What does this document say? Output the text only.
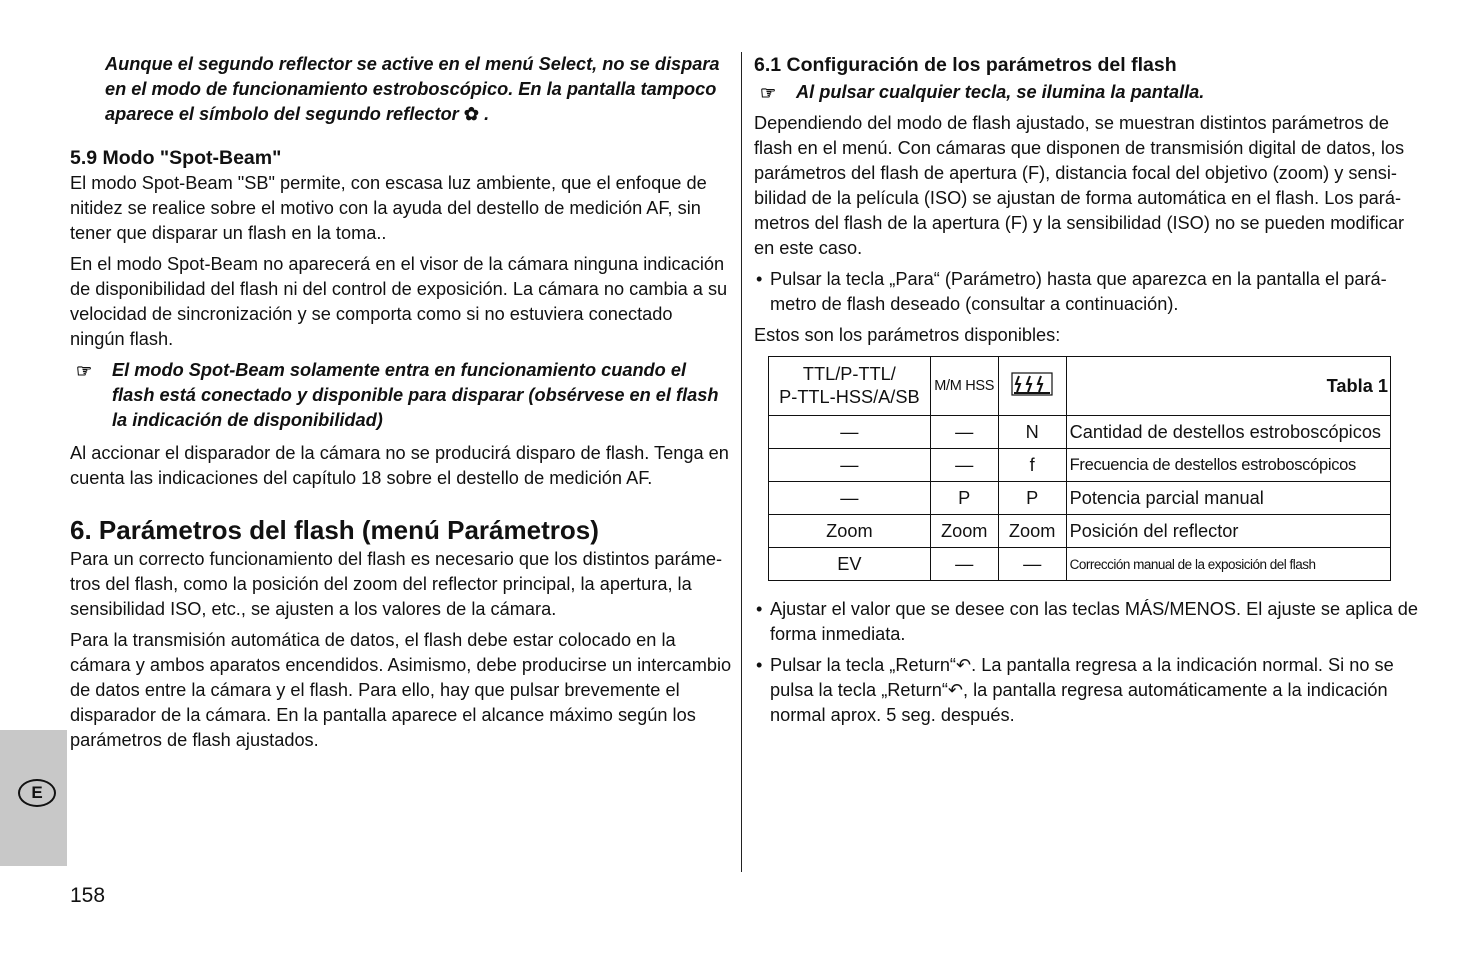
E
158

Aunque el segundo reflector se active en el menú Select, no se dispara en el modo de funcionamiento estroboscópico. En la pantalla tampoco aparece el símbolo del segundo reflector ✿ .

5.9 Modo "Spot-Beam"

El modo Spot-Beam "SB" permite, con escasa luz ambiente, que el enfoque de nitidez se realice sobre el motivo con la ayuda del destello de medición AF, sin tener que disparar un flash en la toma..

En el modo Spot-Beam no aparecerá en el visor de la cámara ninguna indicación de disponibilidad del flash ni del control de exposición. La cámara no cambia a su velocidad de sincronización y se comporta como si no estuviera conectado ningún flash.

☞ El modo Spot-Beam solamente entra en funcionamiento cuando el flash está conectado y disponible para disparar (obsérvese en el flash la indicación de disponibilidad)

Al accionar el disparador de la cámara no se producirá disparo de flash. Tenga en cuenta las indicaciones del capítulo 18 sobre el destello de medición AF.

6. Parámetros del flash (menú Parámetros)

Para un correcto funcionamiento del flash es necesario que los distintos parámetros del flash, como la posición del zoom del reflector principal, la apertura, la sensibilidad ISO, etc., se ajusten a los valores de la cámara.

Para la transmisión automática de datos, el flash debe estar colocado en la cámara y ambos aparatos encendidos. Asimismo, debe producirse un intercambio de datos entre la cámara y el flash. Para ello, hay que pulsar brevemente el disparador de la cámara. En la pantalla aparece el alcance máximo según los parámetros de flash ajustados.

6.1 Configuración de los parámetros del flash

☞ Al pulsar cualquier tecla, se ilumina la pantalla.

Dependiendo del modo de flash ajustado, se muestran distintos parámetros de flash en el menú. Con cámaras que disponen de transmisión digital de datos, los parámetros del flash de apertura (F), distancia focal del objetivo (zoom) y sensibilidad de la película (ISO) se ajustan de forma automática en el flash. Los parámetros del flash de la apertura (F) y la sensibilidad (ISO) no se pueden modificar en este caso.

• Pulsar la tecla „Para“ (Parámetro) hasta que aparezca en la pantalla el parámetro de flash deseado (consultar a continuación).

Estos son los parámetros disponibles:

TTL/P-TTL/
P-TTL-HSS/A/SB	M/M HSS		Tabla 1
—	—	N	Cantidad de destellos estroboscópicos
—	—	f	Frecuencia de destellos estroboscópicos
—	P	P	Potencia parcial manual
Zoom	Zoom	Zoom	Posición del reflector
EV	—	—	Corrección manual de la exposición del flash

• Ajustar el valor que se desee con las teclas MÁS/MENOS. El ajuste se aplica de forma inmediata.

• Pulsar la tecla „Return“↶. La pantalla regresa a la indicación normal. Si no se pulsa la tecla „Return“↶, la pantalla regresa automáticamente a la indicación normal aprox. 5 seg. después.
